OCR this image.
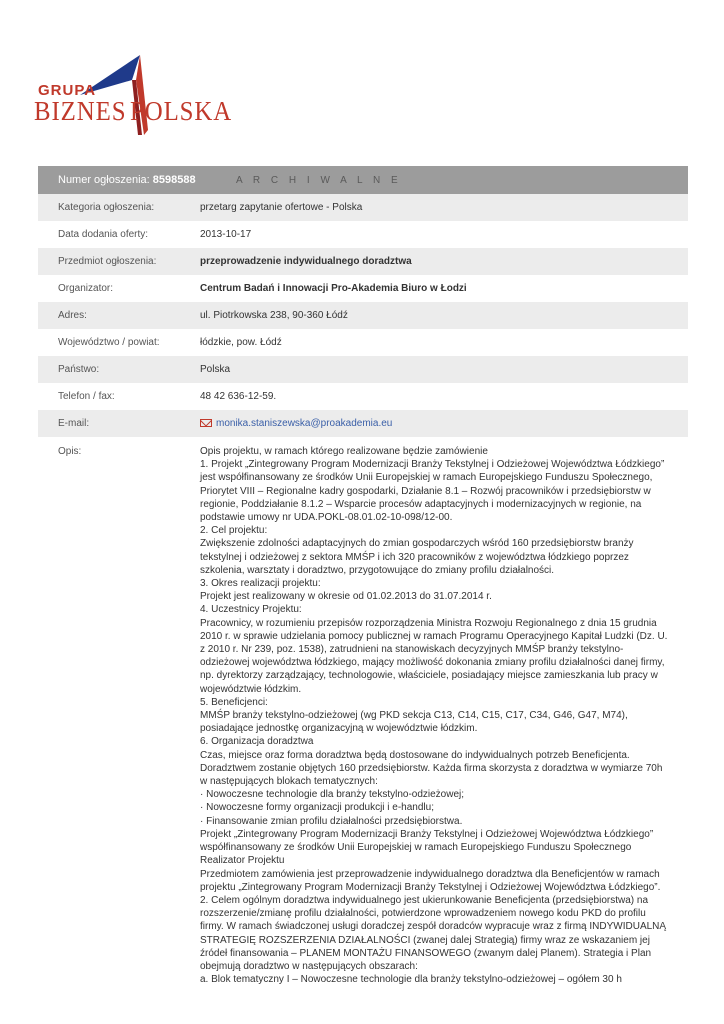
GRUPA
BIZNES POLSKA
Numer ogłoszenia: 8598588	A R C H I W A L N E
Kategoria ogłoszenia:	przetarg zapytanie ofertowe - Polska
Data dodania oferty:	2013-10-17
Przedmiot ogłoszenia:	przeprowadzenie indywidualnego doradztwa
Organizator:	Centrum Badań i Innowacji Pro-Akademia Biuro w Łodzi
Adres:	ul. Piotrkowska 238, 90-360 Łódź
Województwo / powiat:	łódzkie, pow. Łódź
Państwo:	Polska
Telefon / fax:	48 42 636-12-59.
E-mail:	monika.staniszewska@proakademia.eu
Opis:	Opis projektu, w ramach którego realizowane będzie zamówienie
1. Projekt „Zintegrowany Program Modernizacji Branży Tekstylnej i Odzieżowej Województwa Łódzkiego”
jest współfinansowany ze środków Unii Europejskiej w ramach Europejskiego Funduszu Społecznego,
Priorytet VIII – Regionalne kadry gospodarki, Działanie 8.1 – Rozwój pracowników i przedsiębiorstw w
regionie, Poddziałanie 8.1.2 – Wsparcie procesów adaptacyjnych i modernizacyjnych w regionie, na
podstawie umowy nr UDA.POKL-08.01.02-10-098/12-00.
2. Cel projektu:
Zwiększenie zdolności adaptacyjnych do zmian gospodarczych wśród 160 przedsiębiorstw branży
tekstylnej i odzieżowej z sektora MMŚP i ich 320 pracowników z województwa łódzkiego poprzez
szkolenia, warsztaty i doradztwo, przygotowujące do zmiany profilu działalności.
3. Okres realizacji projektu:
Projekt jest realizowany w okresie od 01.02.2013 do 31.07.2014 r.
4. Uczestnicy Projektu:
Pracownicy, w rozumieniu przepisów rozporządzenia Ministra Rozwoju Regionalnego z dnia 15 grudnia
2010 r. w sprawie udzielania pomocy publicznej w ramach Programu Operacyjnego Kapitał Ludzki (Dz. U.
z 2010 r. Nr 239, poz. 1538), zatrudnieni na stanowiskach decyzyjnych MMŚP branży tekstylno-
odzieżowej województwa łódzkiego, mający możliwość dokonania zmiany profilu działalności danej firmy,
np. dyrektorzy zarządzający, technologowie, właściciele, posiadający miejsce zamieszkania lub pracy w
województwie łódzkim.
5. Beneficjenci:
MMŚP branży tekstylno-odzieżowej (wg PKD sekcja C13, C14, C15, C17, C34, G46, G47, M74),
posiadające jednostkę organizacyjną w województwie łódzkim.
6. Organizacja doradztwa
Czas, miejsce oraz forma doradztwa będą dostosowane do indywidualnych potrzeb Beneficjenta.
Doradztwem zostanie objętych 160 przedsiębiorstw. Każda firma skorzysta z doradztwa w wymiarze 70h
w następujących blokach tematycznych:
· Nowoczesne technologie dla branży tekstylno-odzieżowej;
· Nowoczesne formy organizacji produkcji i e-handlu;
· Finansowanie zmian profilu działalności przedsiębiorstwa.
Projekt „Zintegrowany Program Modernizacji Branży Tekstylnej i Odzieżowej Województwa Łódzkiego”
współfinansowany ze środków Unii Europejskiej w ramach Europejskiego Funduszu Społecznego
Realizator Projektu
Przedmiotem zamówienia jest przeprowadzenie indywidualnego doradztwa dla Beneficjentów w ramach
projektu „Zintegrowany Program Modernizacji Branży Tekstylnej i Odzieżowej Województwa Łódzkiego”.
2. Celem ogólnym doradztwa indywidualnego jest ukierunkowanie Beneficjenta (przedsiębiorstwa) na
rozszerzenie/zmianę profilu działalności, potwierdzone wprowadzeniem nowego kodu PKD do profilu
firmy. W ramach świadczonej usługi doradczej zespół doradców wypracuje wraz z firmą INDYWIDUALNĄ
STRATEGIĘ ROZSZERZENIA DZIAŁALNOŚCI (zwanej dalej Strategią) firmy wraz ze wskazaniem jej
źródeł finansowania – PLANEM MONTAŻU FINANSOWEGO (zwanym dalej Planem). Strategia i Plan
obejmują doradztwo w następujących obszarach:
a. Blok tematyczny I – Nowoczesne technologie dla branży tekstylno-odzieżowej – ogółem 30 h
